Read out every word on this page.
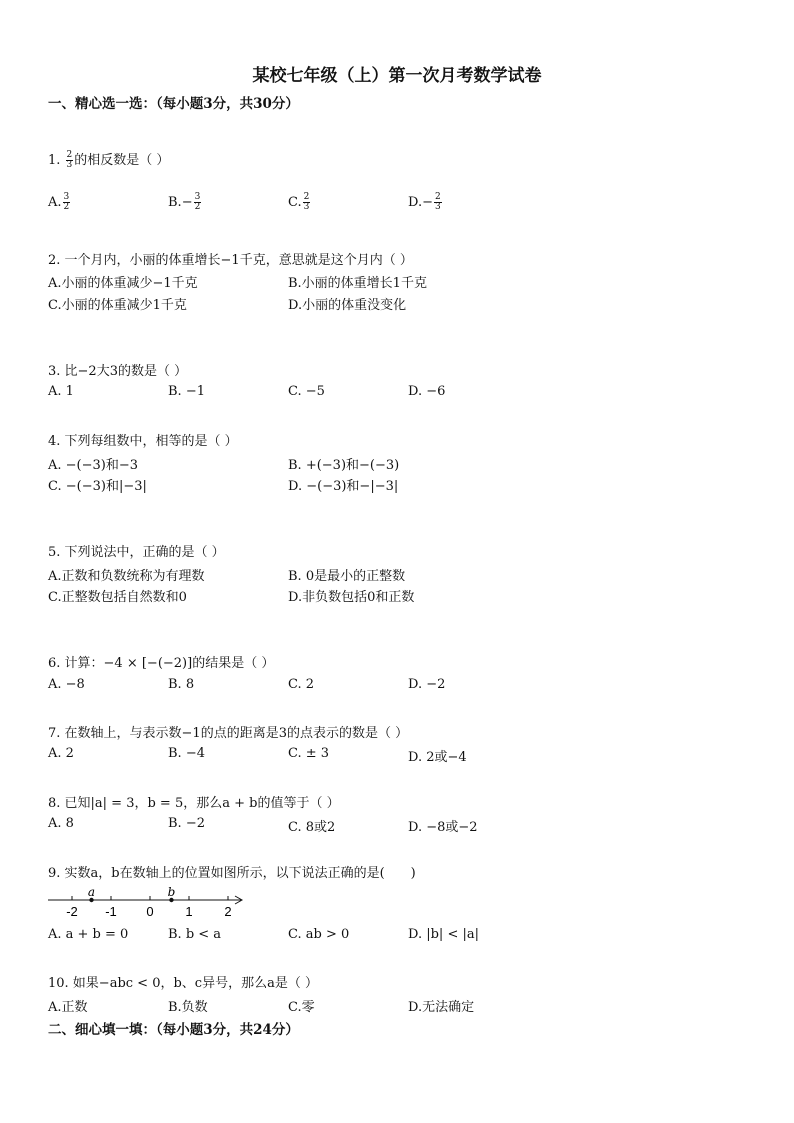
某校七年级（上）第一次月考数学试卷
一、精心选一选：（每小题3分，共30分）
1. $\frac{2}{3}$ 的相反数是（ ）
A. $\frac{3}{2}$	$B.- \frac{3}{2}$	C. $\frac{2}{3}$	$D.- \frac{2}{3}$
2. 一个月内，小丽的体重增长−1千克，意思就是这个月内（ ）
A.小丽的体重减少−1千克	B.小丽的体重增长1千克
C.小丽的体重减少1千克	D.小丽的体重没变化
3. 比−2大3的数是（ ）
A. 1	B. −1	C. −5	D. −6
4. 下列每组数中，相等的是（ ）
A. −(−3)和−3	B. +(−3)和−(−3)
C. −(−3)和|−3|	D. −(−3)和−|−3|
5. 下列说法中，正确的是（ ）
A.正数和负数统称为有理数	B. 0是最小的正整数
C.正整数包括自然数和0	D.非负数包括0和正数
6. 计算：−4 × [−(−2)]的结果是（ ）
A. −8	B. 8	C. 2	D. −2
7. 在数轴上，与表示数−1的点的距离是3的点表示的数是（ ）
A. 2	B. −4	C. ± 3	D. 2或−4
8. 已知|a| = 3，b = 5，那么a + b的值等于（ ）
A. 8	B. −2	C. 8或2	D. −8或−2
9. 实数a，b在数轴上的位置如图所示，以下说法正确的是(　　)
-2 -1 0 1 2
a	b
A. a + b = 0	B. b < a	C. ab > 0	D. |b| < |a|
10. 如果−abc < 0，b、c异号，那么a是（ ）
A.正数	B.负数	C.零	D.无法确定
二、细心填一填：（每小题3分，共24分）
